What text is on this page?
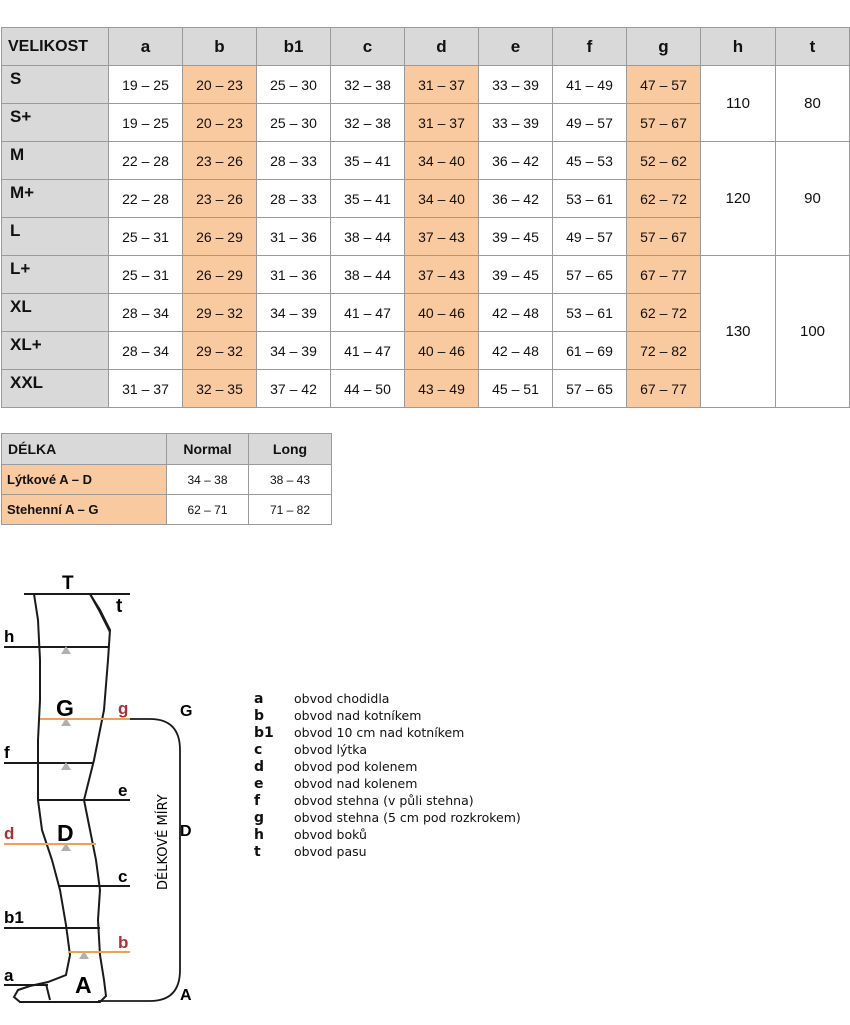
VELIKOST	a	b	b1	c	d	e	f	g	h	t
S	19 – 25	20 – 23	25 – 30	32 – 38	31 – 37	33 – 39	41 – 49	47 – 57	110	80
S+	19 – 25	20 – 23	25 – 30	32 – 38	31 – 37	33 – 39	49 – 57	57 – 67		
M	22 – 28	23 – 26	28 – 33	35 – 41	34 – 40	36 – 42	45 – 53	52 – 62	120	90
M+	22 – 28	23 – 26	28 – 33	35 – 41	34 – 40	36 – 42	53 – 61	62 – 72		
L	25 – 31	26 – 29	31 – 36	38 – 44	37 – 43	39 – 45	49 – 57	57 – 67		
L+	25 – 31	26 – 29	31 – 36	38 – 44	37 – 43	39 – 45	57 – 65	67 – 77	130	100
XL	28 – 34	29 – 32	34 – 39	41 – 47	40 – 46	42 – 48	53 – 61	62 – 72		
XL+	28 – 34	29 – 32	34 – 39	41 – 47	40 – 46	42 – 48	61 – 69	72 – 82		
XXL	31 – 37	32 – 35	37 – 42	44 – 50	43 – 49	45 – 51	57 – 65	67 – 77		
DÉLKA	Normal	Long
Lýtkové A – D	34 – 38	38 – 43
Stehenní A – G	62 – 71	71 – 82
T
t
h
G	g
f
e
D
d
c
b1
b
a	A
G
D
A
DÉLKOVÉ MÍRY
a	obvod chodidla
b	obvod nad kotníkem
b1	obvod 10 cm nad kotníkem
c	obvod lýtka
d	obvod pod kolenem
e	obvod nad kolenem
f	obvod stehna (v půli stehna)
g	obvod stehna (5 cm pod rozkrokem)
h	obvod boků
t	obvod pasu
